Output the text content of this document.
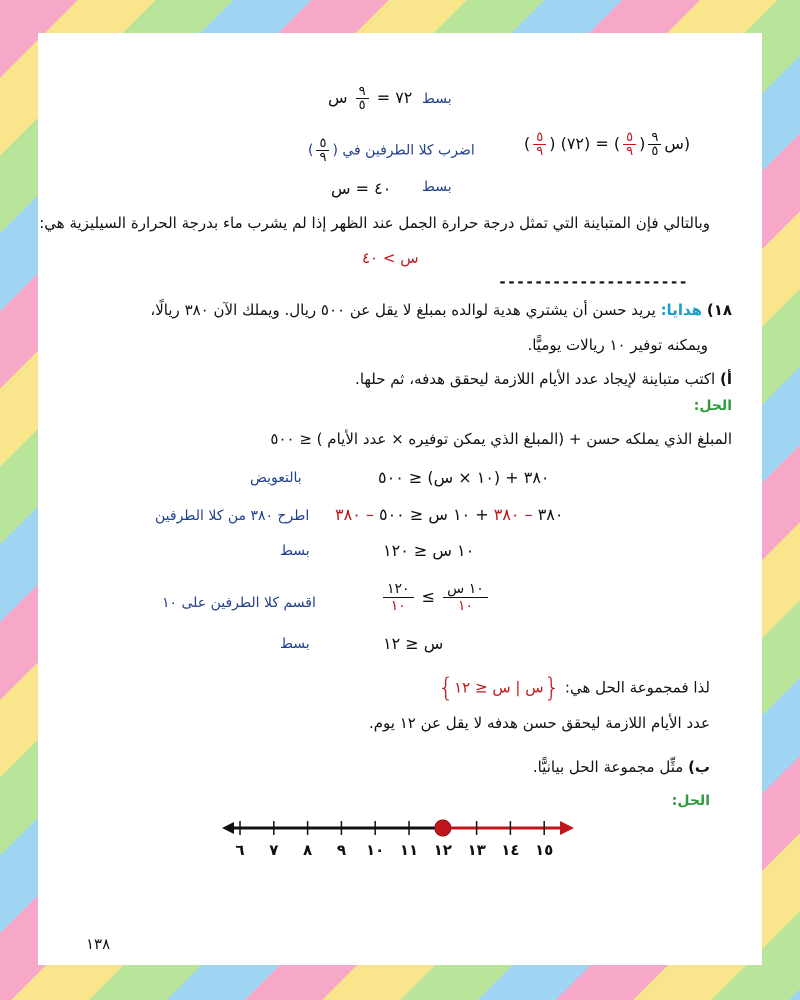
٧٢ =
$\frac{٩}{٥}$
س	بسط
( $\frac{٥}{٩}$ ) (٧٢) = ( $\frac{٥}{٩}$ ) $\frac{٩}{٥}$ س)
اضرب كلا الطرفين في ( $\frac{٥}{٩}$ )
٤٠ = س	بسط
وبالتالي فإن المتباينة التي تمثل درجة حرارة الجمل عند الظهر إذا لم يشرب ماء بدرجة الحرارة السيليزية هي:
س > ٤٠
---------------------
١٨) هدايا: يريد حسن أن يشتري هدية لوالده بمبلغ لا يقل عن ٥٠٠ ريال. ويملك الآن ٣٨٠ ريالًا،
ويمكنه توفير ١٠ ريالات يوميًّا.
أ) اكتب متباينة لإيجاد عدد الأيام اللازمة ليحقق هدفه، ثم حلها.
الحل:
المبلغ الذي يملكه حسن + (المبلغ الذي يمكن توفيره × عدد الأيام ) ≤ ٥٠٠
٣٨٠ + (١٠ × س) ≤ ٥٠٠
بالتعويض
٣٨٠ – ٣٨٠ + ١٠ س ≤ ٥٠٠ – ٣٨٠
اطرح ٣٨٠ من كلا الطرفين
١٠ س ≤ ١٢٠
بسط
$\frac{١٢٠}{١٠} \le \frac{\text{١٠ س}}{١٠}$
اقسم كلا الطرفين على ١٠
س ≤ ١٢
بسط
لذا فمجموعة الحل هي: {س | س ≤ ١٢}
عدد الأيام اللازمة ليحقق حسن هدفه لا يقل عن ١٢ يوم.
ب) مثِّل مجموعة الحل بيانيًّا.
الحل:
٦ ٧ ٨ ٩ ١٠ ١١ ١٢ ١٣ ١٤ ١٥
١٣٨
